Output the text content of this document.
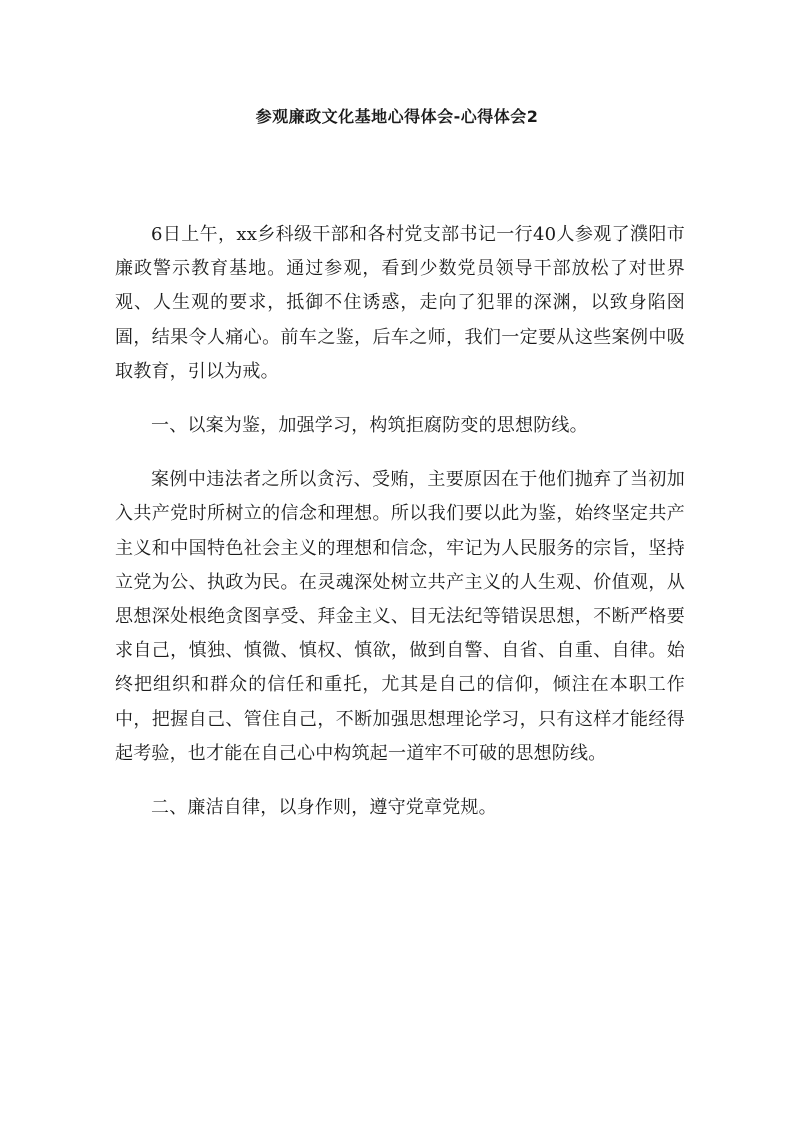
参观廉政文化基地心得体会-心得体会2

6日上午，xx乡科级干部和各村党支部书记一行40人参观了濮阳市廉政警示教育基地。通过参观，看到少数党员领导干部放松了对世界观、人生观的要求，抵御不住诱惑，走向了犯罪的深渊，以致身陷囹圄，结果令人痛心。前车之鉴，后车之师，我们一定要从这些案例中吸取教育，引以为戒。

一、以案为鉴，加强学习，构筑拒腐防变的思想防线。

案例中违法者之所以贪污、受贿，主要原因在于他们抛弃了当初加入共产党时所树立的信念和理想。所以我们要以此为鉴，始终坚定共产主义和中国特色社会主义的理想和信念，牢记为人民服务的宗旨，坚持立党为公、执政为民。在灵魂深处树立共产主义的人生观、价值观，从思想深处根绝贪图享受、拜金主义、目无法纪等错误思想，不断严格要求自己，慎独、慎微、慎权、慎欲，做到自警、自省、自重、自律。始终把组织和群众的信任和重托，尤其是自己的信仰，倾注在本职工作中，把握自己、管住自己，不断加强思想理论学习，只有这样才能经得起考验，也才能在自己心中构筑起一道牢不可破的思想防线。

二、廉洁自律，以身作则，遵守党章党规。
